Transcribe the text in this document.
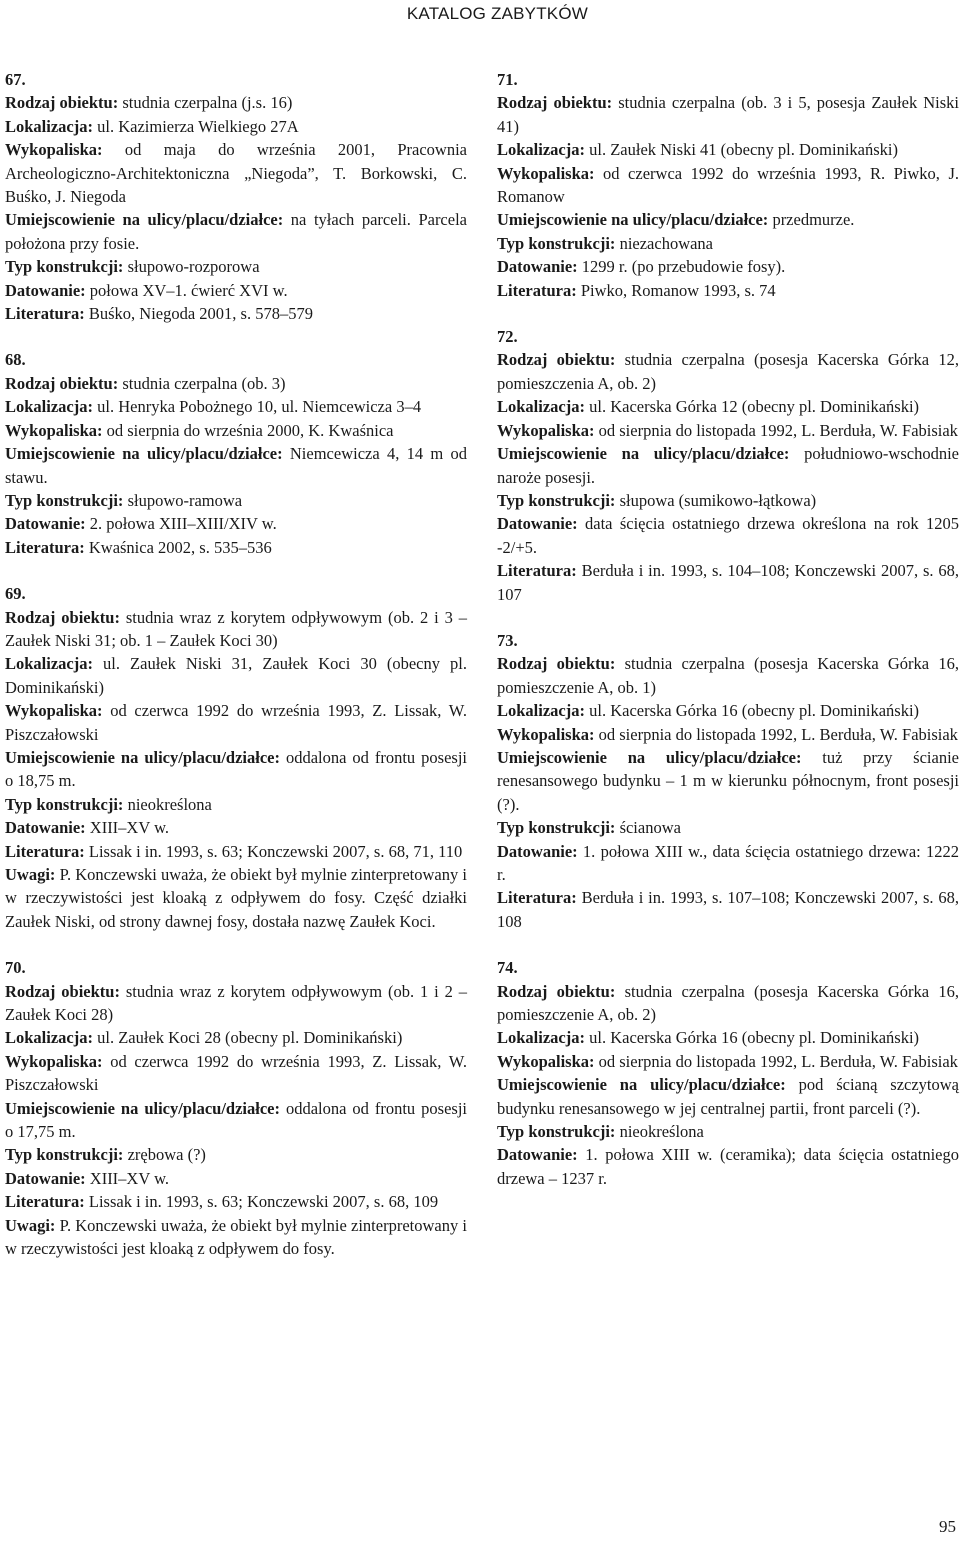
KATALOG ZABYTKÓW
67.
Rodzaj obiektu: studnia czerpalna (j.s. 16)
Lokalizacja: ul. Kazimierza Wielkiego 27A
Wykopaliska: od maja do września 2001, Pracownia Archeologiczno-Architektoniczna „Niegoda”, T. Borkowski, C. Buśko, J. Niegoda
Umiejscowienie na ulicy/placu/działce: na tyłach parceli. Parcela położona przy fosie.
Typ konstrukcji: słupowo-rozporowa
Datowanie: połowa XV–1. ćwierć XVI w.
Literatura: Buśko, Niegoda 2001, s. 578–579
68.
Rodzaj obiektu: studnia czerpalna (ob. 3)
Lokalizacja: ul. Henryka Pobożnego 10, ul. Niemcewicza 3–4
Wykopaliska: od sierpnia do września 2000, K. Kwaśnica
Umiejscowienie na ulicy/placu/działce: Niemcewicza 4, 14 m od stawu.
Typ konstrukcji: słupowo-ramowa
Datowanie: 2. połowa XIII–XIII/XIV w.
Literatura: Kwaśnica 2002, s. 535–536
69.
Rodzaj obiektu: studnia wraz z korytem odpływowym (ob. 2 i 3 – Zaułek Niski 31; ob. 1 – Zaułek Koci 30)
Lokalizacja: ul. Zaułek Niski 31, Zaułek Koci 30 (obecny pl. Dominikański)
Wykopaliska: od czerwca 1992 do września 1993, Z. Lissak, W. Piszczałowski
Umiejscowienie na ulicy/placu/działce: oddalona od frontu posesji o 18,75 m.
Typ konstrukcji: nieokreślona
Datowanie: XIII–XV w.
Literatura: Lissak i in. 1993, s. 63; Konczewski 2007, s. 68, 71, 110
Uwagi: P. Konczewski uważa, że obiekt był mylnie zinterpretowany i w rzeczywistości jest kloaką z odpływem do fosy. Część działki Zaułek Niski, od strony dawnej fosy, dostała nazwę Zaułek Koci.
70.
Rodzaj obiektu: studnia wraz z korytem odpływowym (ob. 1 i 2 – Zaułek Koci 28)
Lokalizacja: ul. Zaułek Koci 28 (obecny pl. Dominikański)
Wykopaliska: od czerwca 1992 do września 1993, Z. Lissak, W. Piszczałowski
Umiejscowienie na ulicy/placu/działce: oddalona od frontu posesji o 17,75 m.
Typ konstrukcji: zrębowa (?)
Datowanie: XIII–XV w.
Literatura: Lissak i in. 1993, s. 63; Konczewski 2007, s. 68, 109
Uwagi: P. Konczewski uważa, że obiekt był mylnie zinterpretowany i w rzeczywistości jest kloaką z odpływem do fosy.
71.
Rodzaj obiektu: studnia czerpalna (ob. 3 i 5, posesja Zaułek Niski 41)
Lokalizacja: ul. Zaułek Niski 41 (obecny pl. Dominikański)
Wykopaliska: od czerwca 1992 do września 1993, R. Piwko, J. Romanow
Umiejscowienie na ulicy/placu/działce: przedmurze.
Typ konstrukcji: niezachowana
Datowanie: 1299 r. (po przebudowie fosy).
Literatura: Piwko, Romanow 1993, s. 74
72.
Rodzaj obiektu: studnia czerpalna (posesja Kacerska Górka 12, pomieszczenia A, ob. 2)
Lokalizacja: ul. Kacerska Górka 12 (obecny pl. Dominikański)
Wykopaliska: od sierpnia do listopada 1992, L. Berduła, W. Fabisiak
Umiejscowienie na ulicy/placu/działce: południowo-wschodnie naroże posesji.
Typ konstrukcji: słupowa (sumikowo-łątkowa)
Datowanie: data ścięcia ostatniego drzewa określona na rok 1205 -2/+5.
Literatura: Berduła i in. 1993, s. 104–108; Konczewski 2007, s. 68, 107
73.
Rodzaj obiektu: studnia czerpalna (posesja Kacerska Górka 16, pomieszczenie A, ob. 1)
Lokalizacja: ul. Kacerska Górka 16 (obecny pl. Dominikański)
Wykopaliska: od sierpnia do listopada 1992, L. Berduła, W. Fabisiak
Umiejscowienie na ulicy/placu/działce: tuż przy ścianie renesansowego budynku – 1 m w kierunku północnym, front posesji (?).
Typ konstrukcji: ścianowa
Datowanie: 1. połowa XIII w., data ścięcia ostatniego drzewa: 1222 r.
Literatura: Berduła i in. 1993, s. 107–108; Konczewski 2007, s. 68, 108
74.
Rodzaj obiektu: studnia czerpalna (posesja Kacerska Górka 16, pomieszczenie A, ob. 2)
Lokalizacja: ul. Kacerska Górka 16 (obecny pl. Dominikański)
Wykopaliska: od sierpnia do listopada 1992, L. Berduła, W. Fabisiak
Umiejscowienie na ulicy/placu/działce: pod ścianą szczytową budynku renesansowego w jej centralnej partii, front parceli (?).
Typ konstrukcji: nieokreślona
Datowanie: 1. połowa XIII w. (ceramika); data ścięcia ostatniego drzewa – 1237 r.
95
